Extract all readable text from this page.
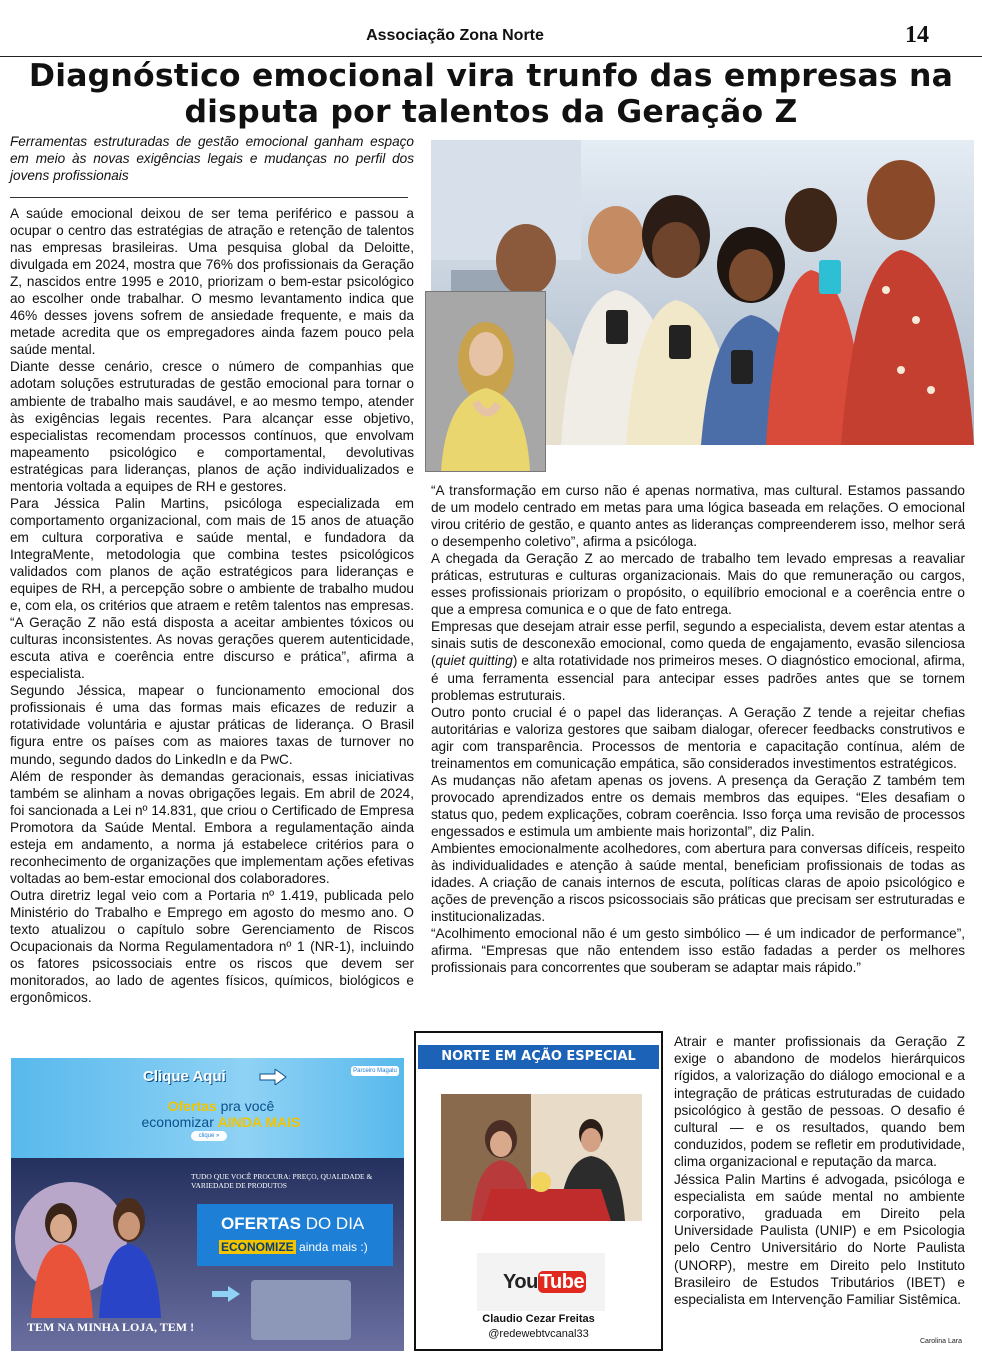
Associação Zona Norte	14
Diagnóstico emocional vira trunfo das empresas na disputa por talentos da Geração Z
Ferramentas estruturadas de gestão emocional ganham espaço em meio às novas exigências legais e mudanças no perfil dos jovens profissionais

A saúde emocional deixou de ser tema periférico e passou a ocupar o centro das estratégias de atração e retenção de talentos nas empresas brasileiras. Uma pesquisa global da Deloitte, divulgada em 2024, mostra que 76% dos profissionais da Geração Z, nascidos entre 1995 e 2010, priorizam o bem-estar psicológico ao escolher onde trabalhar. O mesmo levantamento indica que 46% desses jovens sofrem de ansiedade frequente, e mais da metade acredita que os empregadores ainda fazem pouco pela saúde mental.

Diante desse cenário, cresce o número de companhias que adotam soluções estruturadas de gestão emocional para tornar o ambiente de trabalho mais saudável, e ao mesmo tempo, atender às exigências legais recentes. Para alcançar esse objetivo, especialistas recomendam processos contínuos, que envolvam mapeamento psicológico e comportamental, devolutivas estratégicas para lideranças, planos de ação individualizados e mentoria voltada a equipes de RH e gestores.

Para Jéssica Palin Martins, psicóloga especializada em comportamento organizacional, com mais de 15 anos de atuação em cultura corporativa e saúde mental, e fundadora da IntegraMente, metodologia que combina testes psicológicos validados com planos de ação estratégicos para lideranças e equipes de RH, a percepção sobre o ambiente de trabalho mudou e, com ela, os critérios que atraem e retêm talentos nas empresas. “A Geração Z não está disposta a aceitar ambientes tóxicos ou culturas inconsistentes. As novas gerações querem autenticidade, escuta ativa e coerência entre discurso e prática”, afirma a especialista.

Segundo Jéssica, mapear o funcionamento emocional dos profissionais é uma das formas mais eficazes de reduzir a rotatividade voluntária e ajustar práticas de liderança. O Brasil figura entre os países com as maiores taxas de turnover no mundo, segundo dados do LinkedIn e da PwC.

Além de responder às demandas geracionais, essas iniciativas também se alinham a novas obrigações legais. Em abril de 2024, foi sancionada a Lei nº 14.831, que criou o Certificado de Empresa Promotora da Saúde Mental. Embora a regulamentação ainda esteja em andamento, a norma já estabelece critérios para o reconhecimento de organizações que implementam ações efetivas voltadas ao bem-estar emocional dos colaboradores.

Outra diretriz legal veio com a Portaria nº 1.419, publicada pelo Ministério do Trabalho e Emprego em agosto do mesmo ano. O texto atualizou o capítulo sobre Gerenciamento de Riscos Ocupacionais da Norma Regulamentadora nº 1 (NR-1), incluindo os fatores psicossociais entre os riscos que devem ser monitorados, ao lado de agentes físicos, químicos, biológicos e ergonômicos.

“A transformação em curso não é apenas normativa, mas cultural. Estamos passando de um modelo centrado em metas para uma lógica baseada em relações. O emocional virou critério de gestão, e quanto antes as lideranças compreenderem isso, melhor será o desempenho coletivo”, afirma a psicóloga.

A chegada da Geração Z ao mercado de trabalho tem levado empresas a reavaliar práticas, estruturas e culturas organizacionais. Mais do que remuneração ou cargos, esses profissionais priorizam o propósito, o equilíbrio emocional e a coerência entre o que a empresa comunica e o que de fato entrega.

Empresas que desejam atrair esse perfil, segundo a especialista, devem estar atentas a sinais sutis de desconexão emocional, como queda de engajamento, evasão silenciosa (quiet quitting) e alta rotatividade nos primeiros meses. O diagnóstico emocional, afirma, é uma ferramenta essencial para antecipar esses padrões antes que se tornem problemas estruturais.

Outro ponto crucial é o papel das lideranças. A Geração Z tende a rejeitar chefias autoritárias e valoriza gestores que saibam dialogar, oferecer feedbacks construtivos e agir com transparência. Processos de mentoria e capacitação contínua, além de treinamentos em comunicação empática, são considerados investimentos estratégicos.

As mudanças não afetam apenas os jovens. A presença da Geração Z também tem provocado aprendizados entre os demais membros das equipes. “Eles desafiam o status quo, pedem explicações, cobram coerência. Isso força uma revisão de processos engessados e estimula um ambiente mais horizontal”, diz Palin.

Ambientes emocionalmente acolhedores, com abertura para conversas difíceis, respeito às individualidades e atenção à saúde mental, beneficiam profissionais de todas as idades. A criação de canais internos de escuta, políticas claras de apoio psicológico e ações de prevenção a riscos psicossociais são práticas que precisam ser estruturadas e institucionalizadas.

“Acolhimento emocional não é um gesto simbólico — é um indicador de performance”, afirma. “Empresas que não entendem isso estão fadadas a perder os melhores profissionais para concorrentes que souberam se adaptar mais rápido.”

Atrair e manter profissionais da Geração Z exige o abandono de modelos hierárquicos rígidos, a valorização do diálogo emocional e a integração de práticas estruturadas de cuidado psicológico à gestão de pessoas. O desafio é cultural — e os resultados, quando bem conduzidos, podem se refletir em produtividade, clima organizacional e reputação da marca.

Jéssica Palin Martins é advogada, psicóloga e especialista em saúde mental no ambiente corporativo, graduada em Direito pela Universidade Paulista (UNIP) e em Psicologia pelo Centro Universitário do Norte Paulista (UNORP), mestre em Direito pelo Instituto Brasileiro de Estudos Tributários (IBET) e especialista em Intervenção Familiar Sistêmica.

Carolina Lara
Clique Aqui	Parceiro Magalu
Ofertas pra você
economizar AINDA MAIS
clique »
TUDO QUE VOCÊ PROCURA: PREÇO, QUALIDADE & VARIEDADE DE PRODUTOS
OFERTAS DO DIA
ECONOMIZE ainda mais :)
TEM NA MINHA LOJA, TEM !
NORTE EM AÇÃO ESPECIAL
You Tube
Claudio Cezar Freitas
@redewebtvcanal33
